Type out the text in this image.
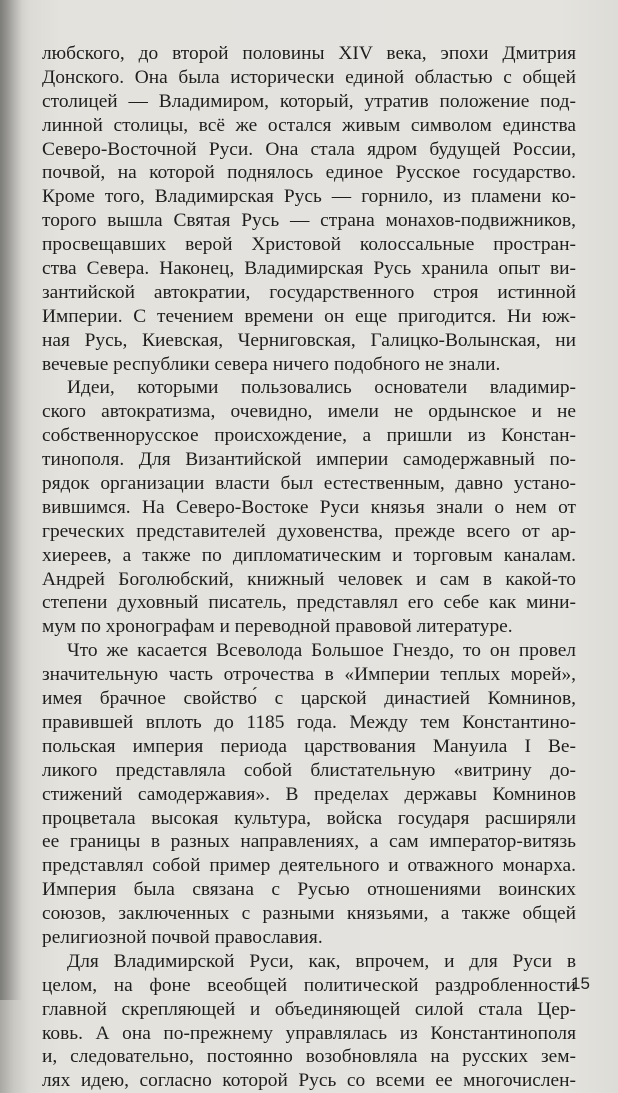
любского, до второй половины XIV века, эпохи Дмитрия
Донского. Она была исторически единой областью с общей
столицей — Владимиром, который, утратив положение под-
линной столицы, всё же остался живым символом единства
Северо-Восточной Руси. Она стала ядром будущей России,
почвой, на которой поднялось единое Русское государство.
Кроме того, Владимирская Русь — горнило, из пламени ко-
торого вышла Святая Русь — страна монахов-подвижников,
просвещавших верой Христовой колоссальные простран-
ства Севера. Наконец, Владимирская Русь хранила опыт ви-
зантийской автократии, государственного строя истинной
Империи. С течением времени он еще пригодится. Ни юж-
ная Русь, Киевская, Черниговская, Галицко-Волынская, ни
вечевые республики севера ничего подобного не знали.
Идеи, которыми пользовались основатели владимир-
ского автократизма, очевидно, имели не ордынское и не
собственнорусское происхождение, а пришли из Констан-
тинополя. Для Византийской империи самодержавный по-
рядок организации власти был естественным, давно устано-
вившимся. На Северо-Востоке Руси князья знали о нем от
греческих представителей духовенства, прежде всего от ар-
хиереев, а также по дипломатическим и торговым каналам.
Андрей Боголюбский, книжный человек и сам в какой-то
степени духовный писатель, представлял его себе как мини-
мум по хронографам и переводной правовой литературе.
Что же касается Всеволода Большое Гнездо, то он провел
значительную часть отрочества в «Империи теплых морей»,
имея брачное свойство́ с царской династией Комнинов,
правившей вплоть до 1185 года. Между тем Константино-
польская империя периода царствования Мануила I Ве-
ликого представляла собой блистательную «витрину до-
стижений самодержавия». В пределах державы Комнинов
процветала высокая культура, войска государя расширяли
ее границы в разных направлениях, а сам император-витязь
представлял собой пример деятельного и отважного монарха.
Империя была связана с Русью отношениями воинских
союзов, заключенных с разными князьями, а также общей
религиозной почвой православия.
Для Владимирской Руси, как, впрочем, и для Руси в
целом, на фоне всеобщей политической раздробленности
главной скрепляющей и объединяющей силой стала Цер-
ковь. А она по-прежнему управлялась из Константинополя
и, следовательно, постоянно возобновляла на русских зем-
лях идею, согласно которой Русь со всеми ее многочислен-
15
